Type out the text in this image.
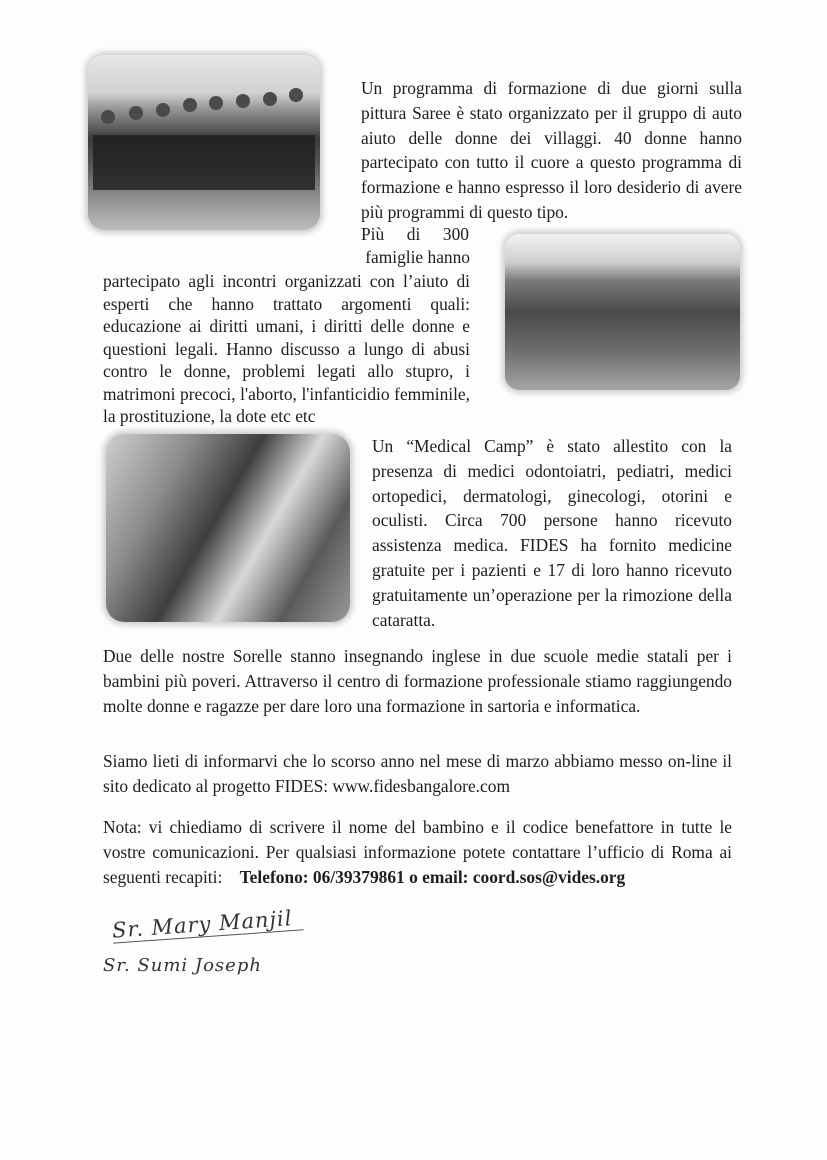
Un programma di formazione di due giorni sulla pittura Saree è stato organizzato per il gruppo di auto aiuto delle donne dei villaggi. 40 donne hanno partecipato con tutto il cuore a questo programma di formazione e hanno espresso il loro desiderio di avere più programmi di questo tipo.

Più di 300
famiglie hanno

partecipato agli incontri organizzati con l’aiuto di esperti che hanno trattato argomenti quali: educazione ai diritti umani, i diritti delle donne e questioni legali. Hanno discusso a lungo di abusi contro le donne, problemi legati allo stupro, i matrimoni precoci, l'aborto, l'infanticidio femminile, la prostituzione, la dote etc etc

Un “Medical Camp” è stato allestito con la presenza di medici odontoiatri, pediatri, medici ortopedici, dermatologi, ginecologi, otorini e oculisti. Circa 700 persone hanno ricevuto assistenza medica. FIDES ha fornito medicine gratuite per i pazienti e 17 di loro hanno ricevuto gratuitamente un’operazione per la rimozione della cataratta.

Due delle nostre Sorelle stanno insegnando inglese in due scuole medie statali per i bambini più poveri. Attraverso il centro di formazione professionale stiamo raggiungendo molte donne e ragazze per dare loro una formazione in sartoria e informatica.

Siamo lieti di informarvi che lo scorso anno nel mese di marzo abbiamo messo on-line il sito dedicato al progetto FIDES: www.fidesbangalore.com

Nota: vi chiediamo di scrivere il nome del bambino e il codice benefattore in tutte le vostre comunicazioni. Per qualsiasi informazione potete contattare l’ufficio di Roma ai seguenti recapiti: Telefono: 06/39379861 o email: coord.sos@vides.org

Sr. Mary Manjil
Sr. Sumi Joseph
